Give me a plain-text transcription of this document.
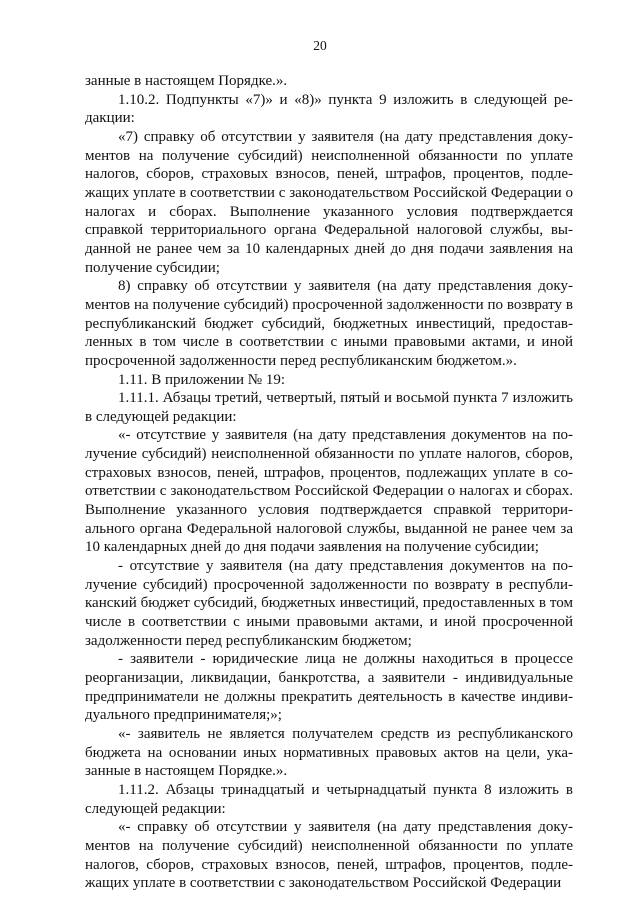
20

занные в настоящем Порядке.».

1.10.2. Подпункты «7)» и «8)» пункта 9 изложить в следующей редакции:

«7) справку об отсутствии у заявителя (на дату представления документов на получение субсидий) неисполненной обязанности по уплате налогов, сборов, страховых взносов, пеней, штрафов, процентов, подлежащих уплате в соответствии с законодательством Российской Федерации о налогах и сборах. Выполнение указанного условия подтверждается справкой территориального органа Федеральной налоговой службы, выданной не ранее чем за 10 календарных дней до дня подачи заявления на получение субсидии;

8) справку об отсутствии у заявителя (на дату представления документов на получение субсидий) просроченной задолженности по возврату в республиканский бюджет субсидий, бюджетных инвестиций, предоставленных в том числе в соответствии с иными правовыми актами, и иной просроченной задолженности перед республиканским бюджетом.».

1.11. В приложении № 19:

1.11.1. Абзацы третий, четвертый, пятый и восьмой пункта 7 изложить в следующей редакции:

«- отсутствие у заявителя (на дату представления документов на получение субсидий) неисполненной обязанности по уплате налогов, сборов, страховых взносов, пеней, штрафов, процентов, подлежащих уплате в соответствии с законодательством Российской Федерации о налогах и сборах. Выполнение указанного условия подтверждается справкой территориального органа Федеральной налоговой службы, выданной не ранее чем за 10 календарных дней до дня подачи заявления на получение субсидии;

- отсутствие у заявителя (на дату представления документов на получение субсидий) просроченной задолженности по возврату в республиканский бюджет субсидий, бюджетных инвестиций, предоставленных в том числе в соответствии с иными правовыми актами, и иной просроченной задолженности перед республиканским бюджетом;

- заявители - юридические лица не должны находиться в процессе реорганизации, ликвидации, банкротства, а заявители - индивидуальные предприниматели не должны прекратить деятельность в качестве индивидуального предпринимателя;»;

«- заявитель не является получателем средств из республиканского бюджета на основании иных нормативных правовых актов на цели, указанные в настоящем Порядке.».

1.11.2. Абзацы тринадцатый и четырнадцатый пункта 8 изложить в следующей редакции:

«- справку об отсутствии у заявителя (на дату представления документов на получение субсидий) неисполненной обязанности по уплате налогов, сборов, страховых взносов, пеней, штрафов, процентов, подлежащих уплате в соответствии с законодательством Российской Федерации
